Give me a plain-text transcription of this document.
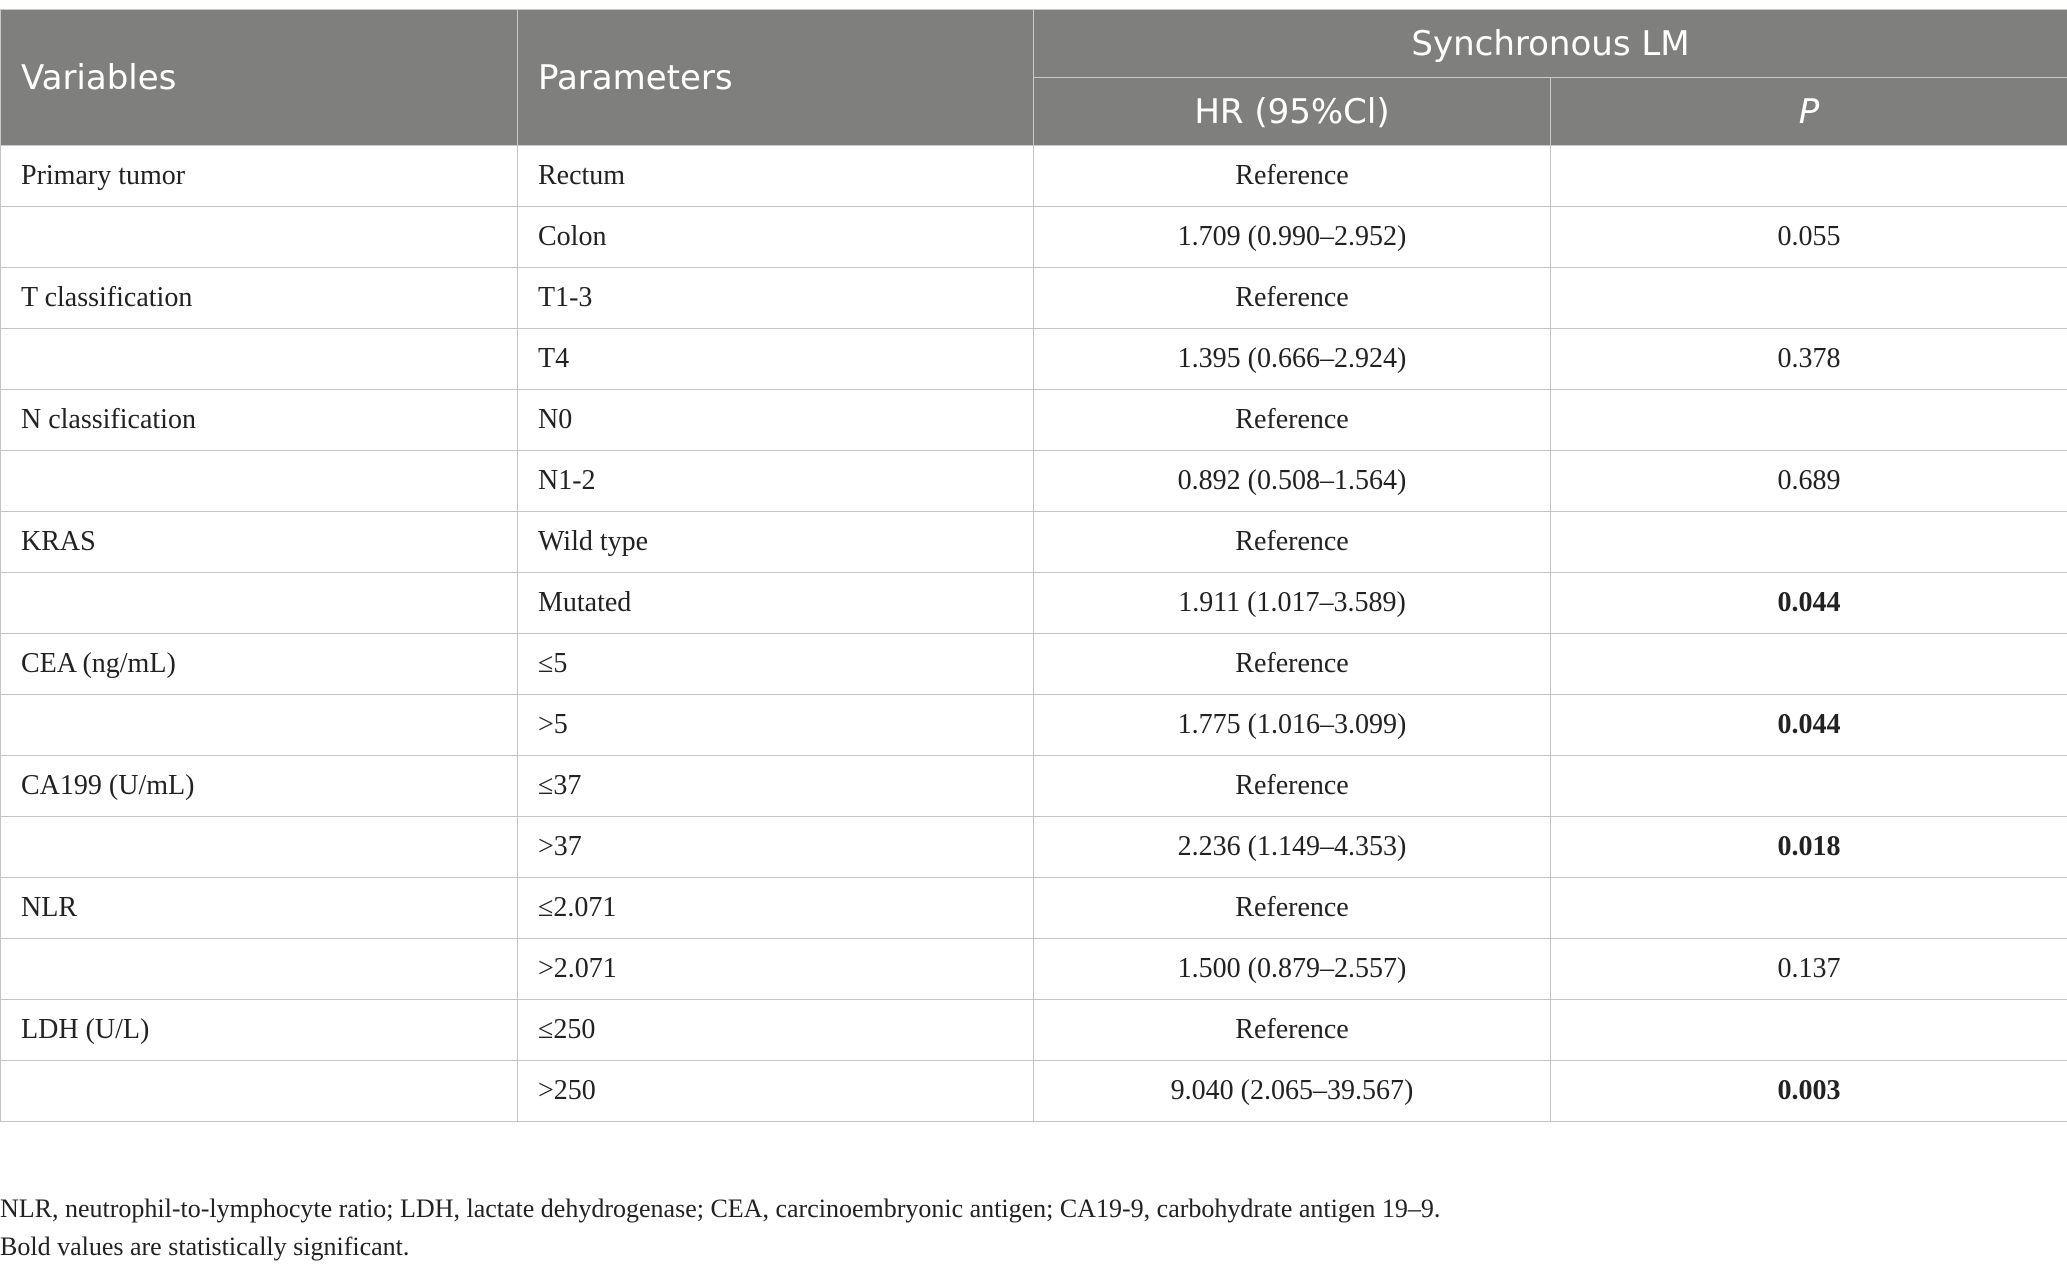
Variables	Parameters	Synchronous LM	
		HR (95%Cl)	P
Primary tumor	Rectum	Reference	
	Colon	1.709 (0.990–2.952)	0.055
T classification	T1-3	Reference	
	T4	1.395 (0.666–2.924)	0.378
N classification	N0	Reference	
	N1-2	0.892 (0.508–1.564)	0.689
KRAS	Wild type	Reference	
	Mutated	1.911 (1.017–3.589)	0.044
CEA (ng/mL)	≤5	Reference	
	>5	1.775 (1.016–3.099)	0.044
CA199 (U/mL)	≤37	Reference	
	>37	2.236 (1.149–4.353)	0.018
NLR	≤2.071	Reference	
	>2.071	1.500 (0.879–2.557)	0.137
LDH (U/L)	≤250	Reference	
	>250	9.040 (2.065–39.567)	0.003
NLR, neutrophil-to-lymphocyte ratio; LDH, lactate dehydrogenase; CEA, carcinoembryonic antigen; CA19-9, carbohydrate antigen 19–9.
Bold values are statistically significant.
